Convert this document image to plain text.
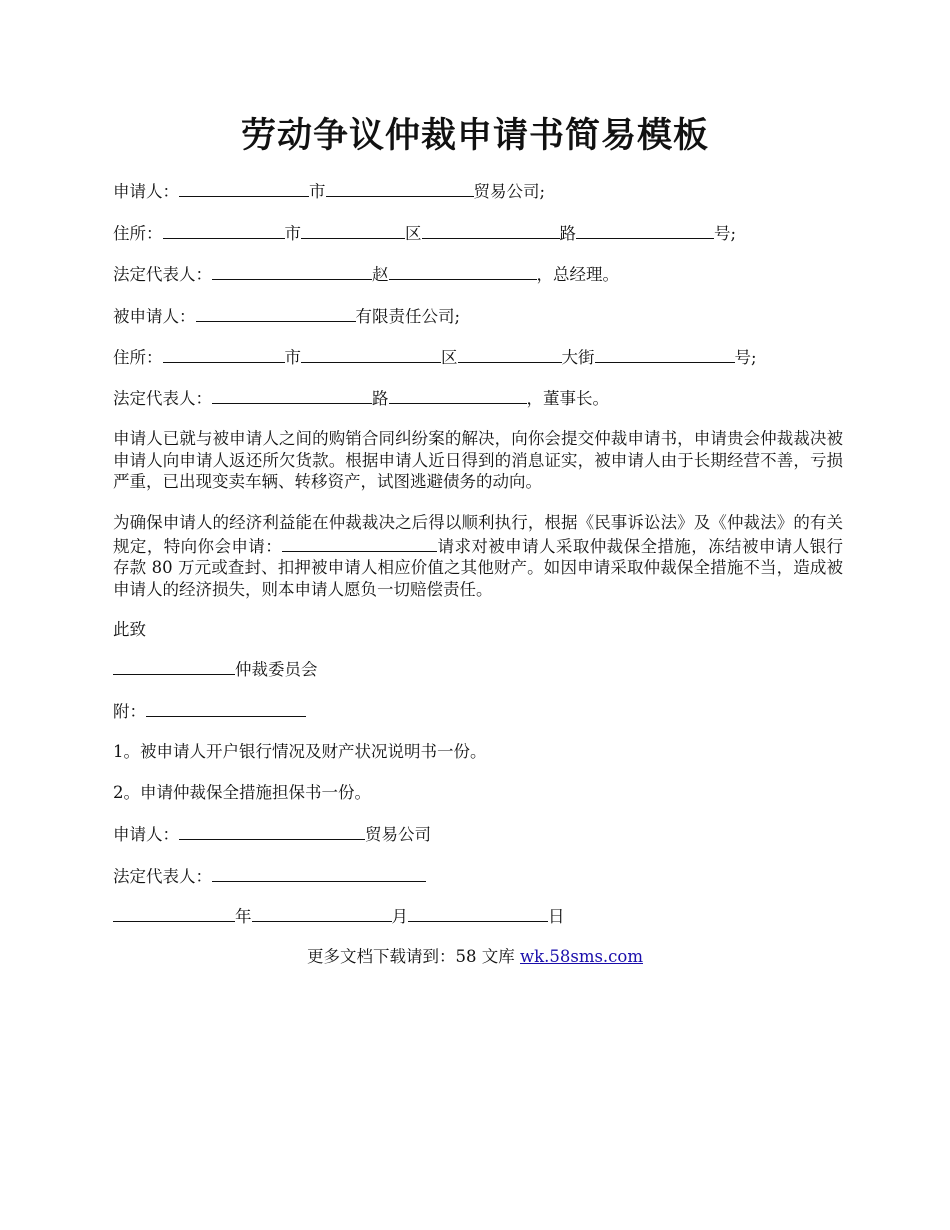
劳动争议仲裁申请书简易模板
申请人：	市	贸易公司;
住所：	市	区	路	号;
法定代表人：	赵	，总经理。
被申请人：	有限责任公司;
住所：	市	区	大街	号;
法定代表人：	路	，董事长。
申请人已就与被申请人之间的购销合同纠纷案的解决，向你会提交仲裁申请书，申请贵会仲裁裁决被申请人向申请人返还所欠货款。根据申请人近日得到的消息证实，被申请人由于长期经营不善，亏损严重，已出现变卖车辆、转移资产，试图逃避债务的动向。
为确保申请人的经济利益能在仲裁裁决之后得以顺利执行，根据《民事诉讼法》及《仲裁法》的有关规定，特向你会申请：	请求对被申请人采取仲裁保全措施，冻结被申请人银行存款 80 万元或查封、扣押被申请人相应价值之其他财产。如因申请采取仲裁保全措施不当，造成被申请人的经济损失，则本申请人愿负一切赔偿责任。
此致
仲裁委员会
附：
1。被申请人开户银行情况及财产状况说明书一份。
2。申请仲裁保全措施担保书一份。
申请人：	贸易公司
法定代表人：
年	月	日
更多文档下载请到：58 文库 wk.58sms.com
